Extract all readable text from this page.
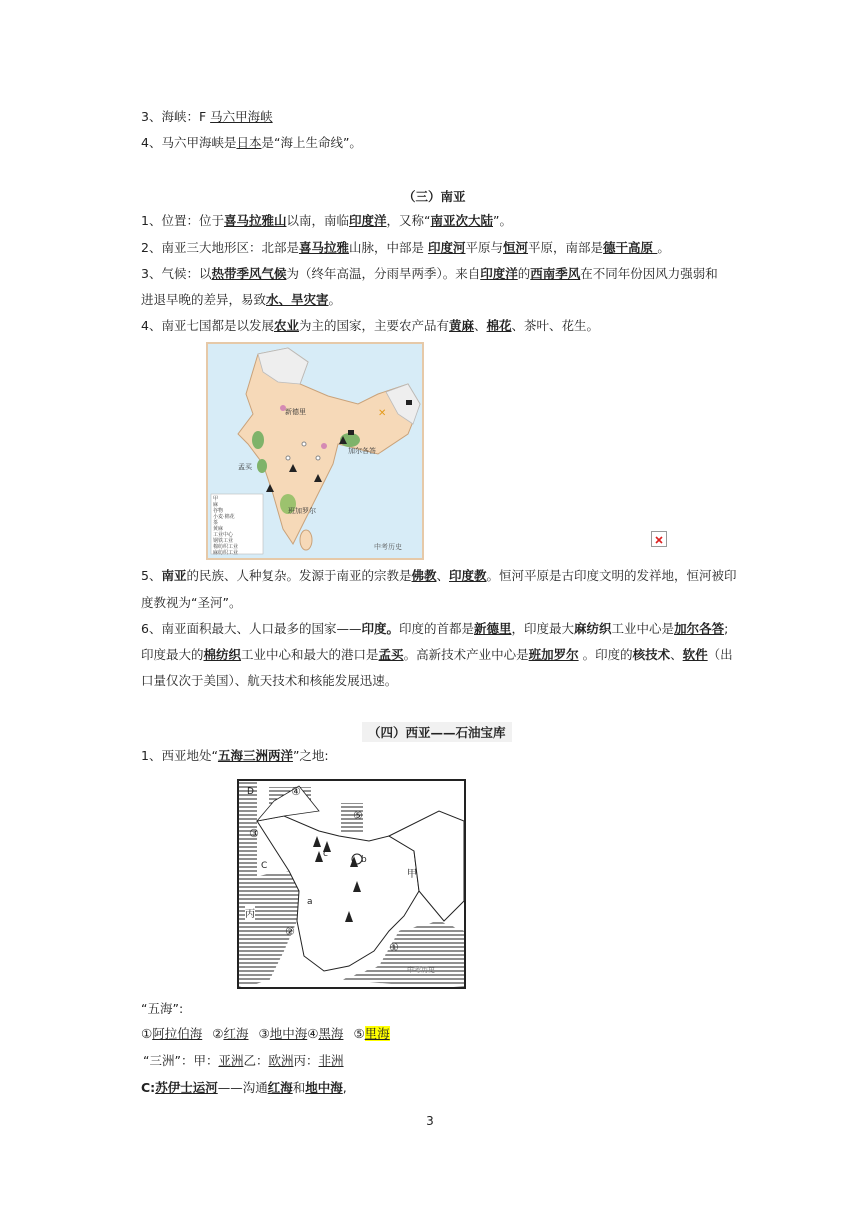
3、海峡：F 马六甲海峡
4、马六甲海峡是日本是“海上生命线”。
（三）南亚
1、位置：位于喜马拉雅山以南，南临印度洋，又称“南亚次大陆”。
2、南亚三大地形区：北部是喜马拉雅山脉，中部是 印度河平原与恒河平原，南部是德干高原 。
3、气候：以热带季风气候为（终年高温，分雨旱两季）。来自印度洋的西南季风在不同年份因风力强弱和
进退早晚的差异，易致水、旱灾害。
4、南亚七国都是以发展农业为主的国家，主要农产品有黄麻、棉花、茶叶、花生。
✕
新德里
孟买
加尔各答
班加罗尔
中考历史
甲
麻
谷物
小麦·棉花
茶
黄麻
工业中心
钢铁工业
棉纺织工业
麻纺织工业
5、南亚的民族、人种复杂。发源于南亚的宗教是佛教、印度教。恒河平原是古印度文明的发祥地，恒河被印
度教视为“圣河”。
6、南亚面积最大、人口最多的国家——印度。印度的首都是新德里，印度最大麻纺织工业中心是加尔各答;
印度最大的棉纺织工业中心和最大的港口是孟买。高新技术产业中心是班加罗尔 。印度的核技术、软件（出
口量仅次于美国）、航天技术和核能发展迅速。
（四）西亚——石油宝库
1、西亚地处“五海三洲两洋”之地:
④
⑤
③
②
①
甲
丙
a
b
c
C
D
中考历史
“五海”:
①阿拉伯海 ②红海 ③地中海④黑海 ⑤里海
“三洲”：甲：亚洲乙：欧洲丙：非洲
C:苏伊士运河——沟通红海和地中海,
3
